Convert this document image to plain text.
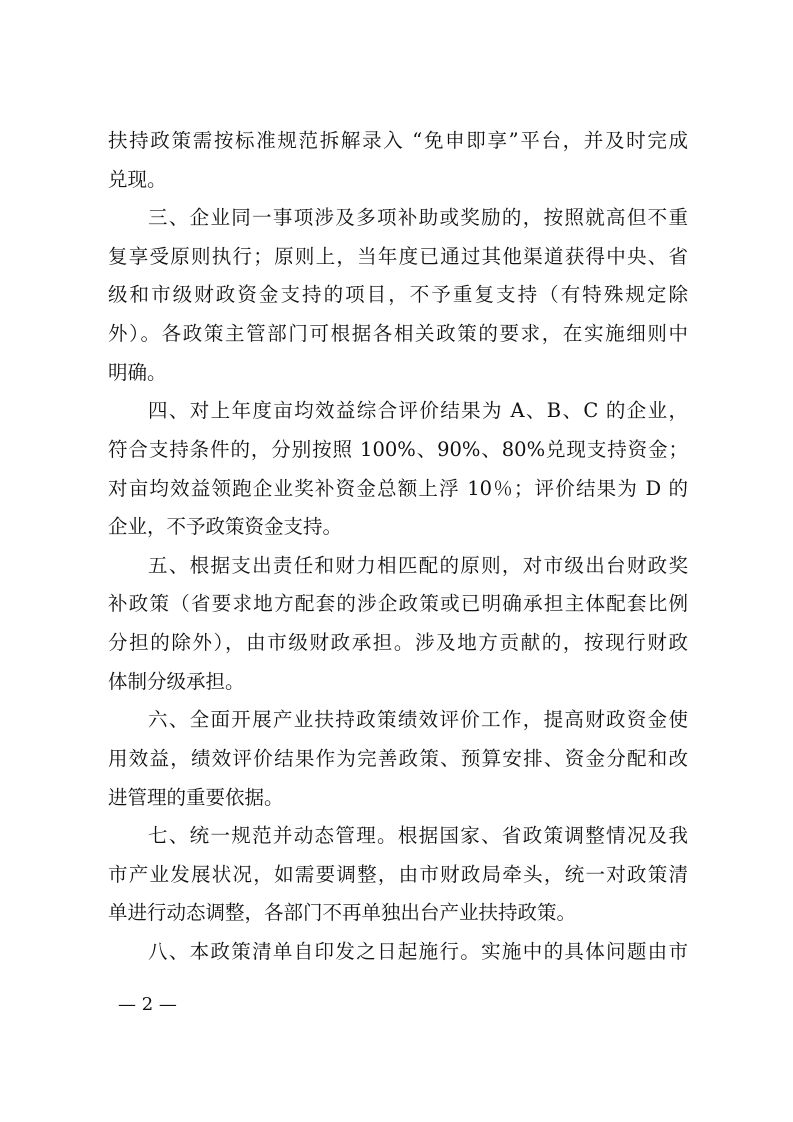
扶持政策需按标准规范拆解录入 “免申即享”平台，并及时完成

兑现。

三、企业同一事项涉及多项补助或奖励的，按照就高但不重

复享受原则执行；原则上，当年度已通过其他渠道获得中央、省

级和市级财政资金支持的项目，不予重复支持（有特殊规定除

外）。各政策主管部门可根据各相关政策的要求，在实施细则中

明确。

四、对上年度亩均效益综合评价结果为 A、B、C 的企业，

符合支持条件的，分别按照 100%、90%、80%兑现支持资金；

对亩均效益领跑企业奖补资金总额上浮 10％；评价结果为 D 的

企业，不予政策资金支持。

五、根据支出责任和财力相匹配的原则，对市级出台财政奖

补政策（省要求地方配套的涉企政策或已明确承担主体配套比例

分担的除外），由市级财政承担。涉及地方贡献的，按现行财政

体制分级承担。

六、全面开展产业扶持政策绩效评价工作，提高财政资金使

用效益，绩效评价结果作为完善政策、预算安排、资金分配和改

进管理的重要依据。

七、统一规范并动态管理。根据国家、省政策调整情况及我

市产业发展状况，如需要调整，由市财政局牵头，统一对政策清

单进行动态调整，各部门不再单独出台产业扶持政策。

八、本政策清单自印发之日起施行。实施中的具体问题由市

— 2 —
